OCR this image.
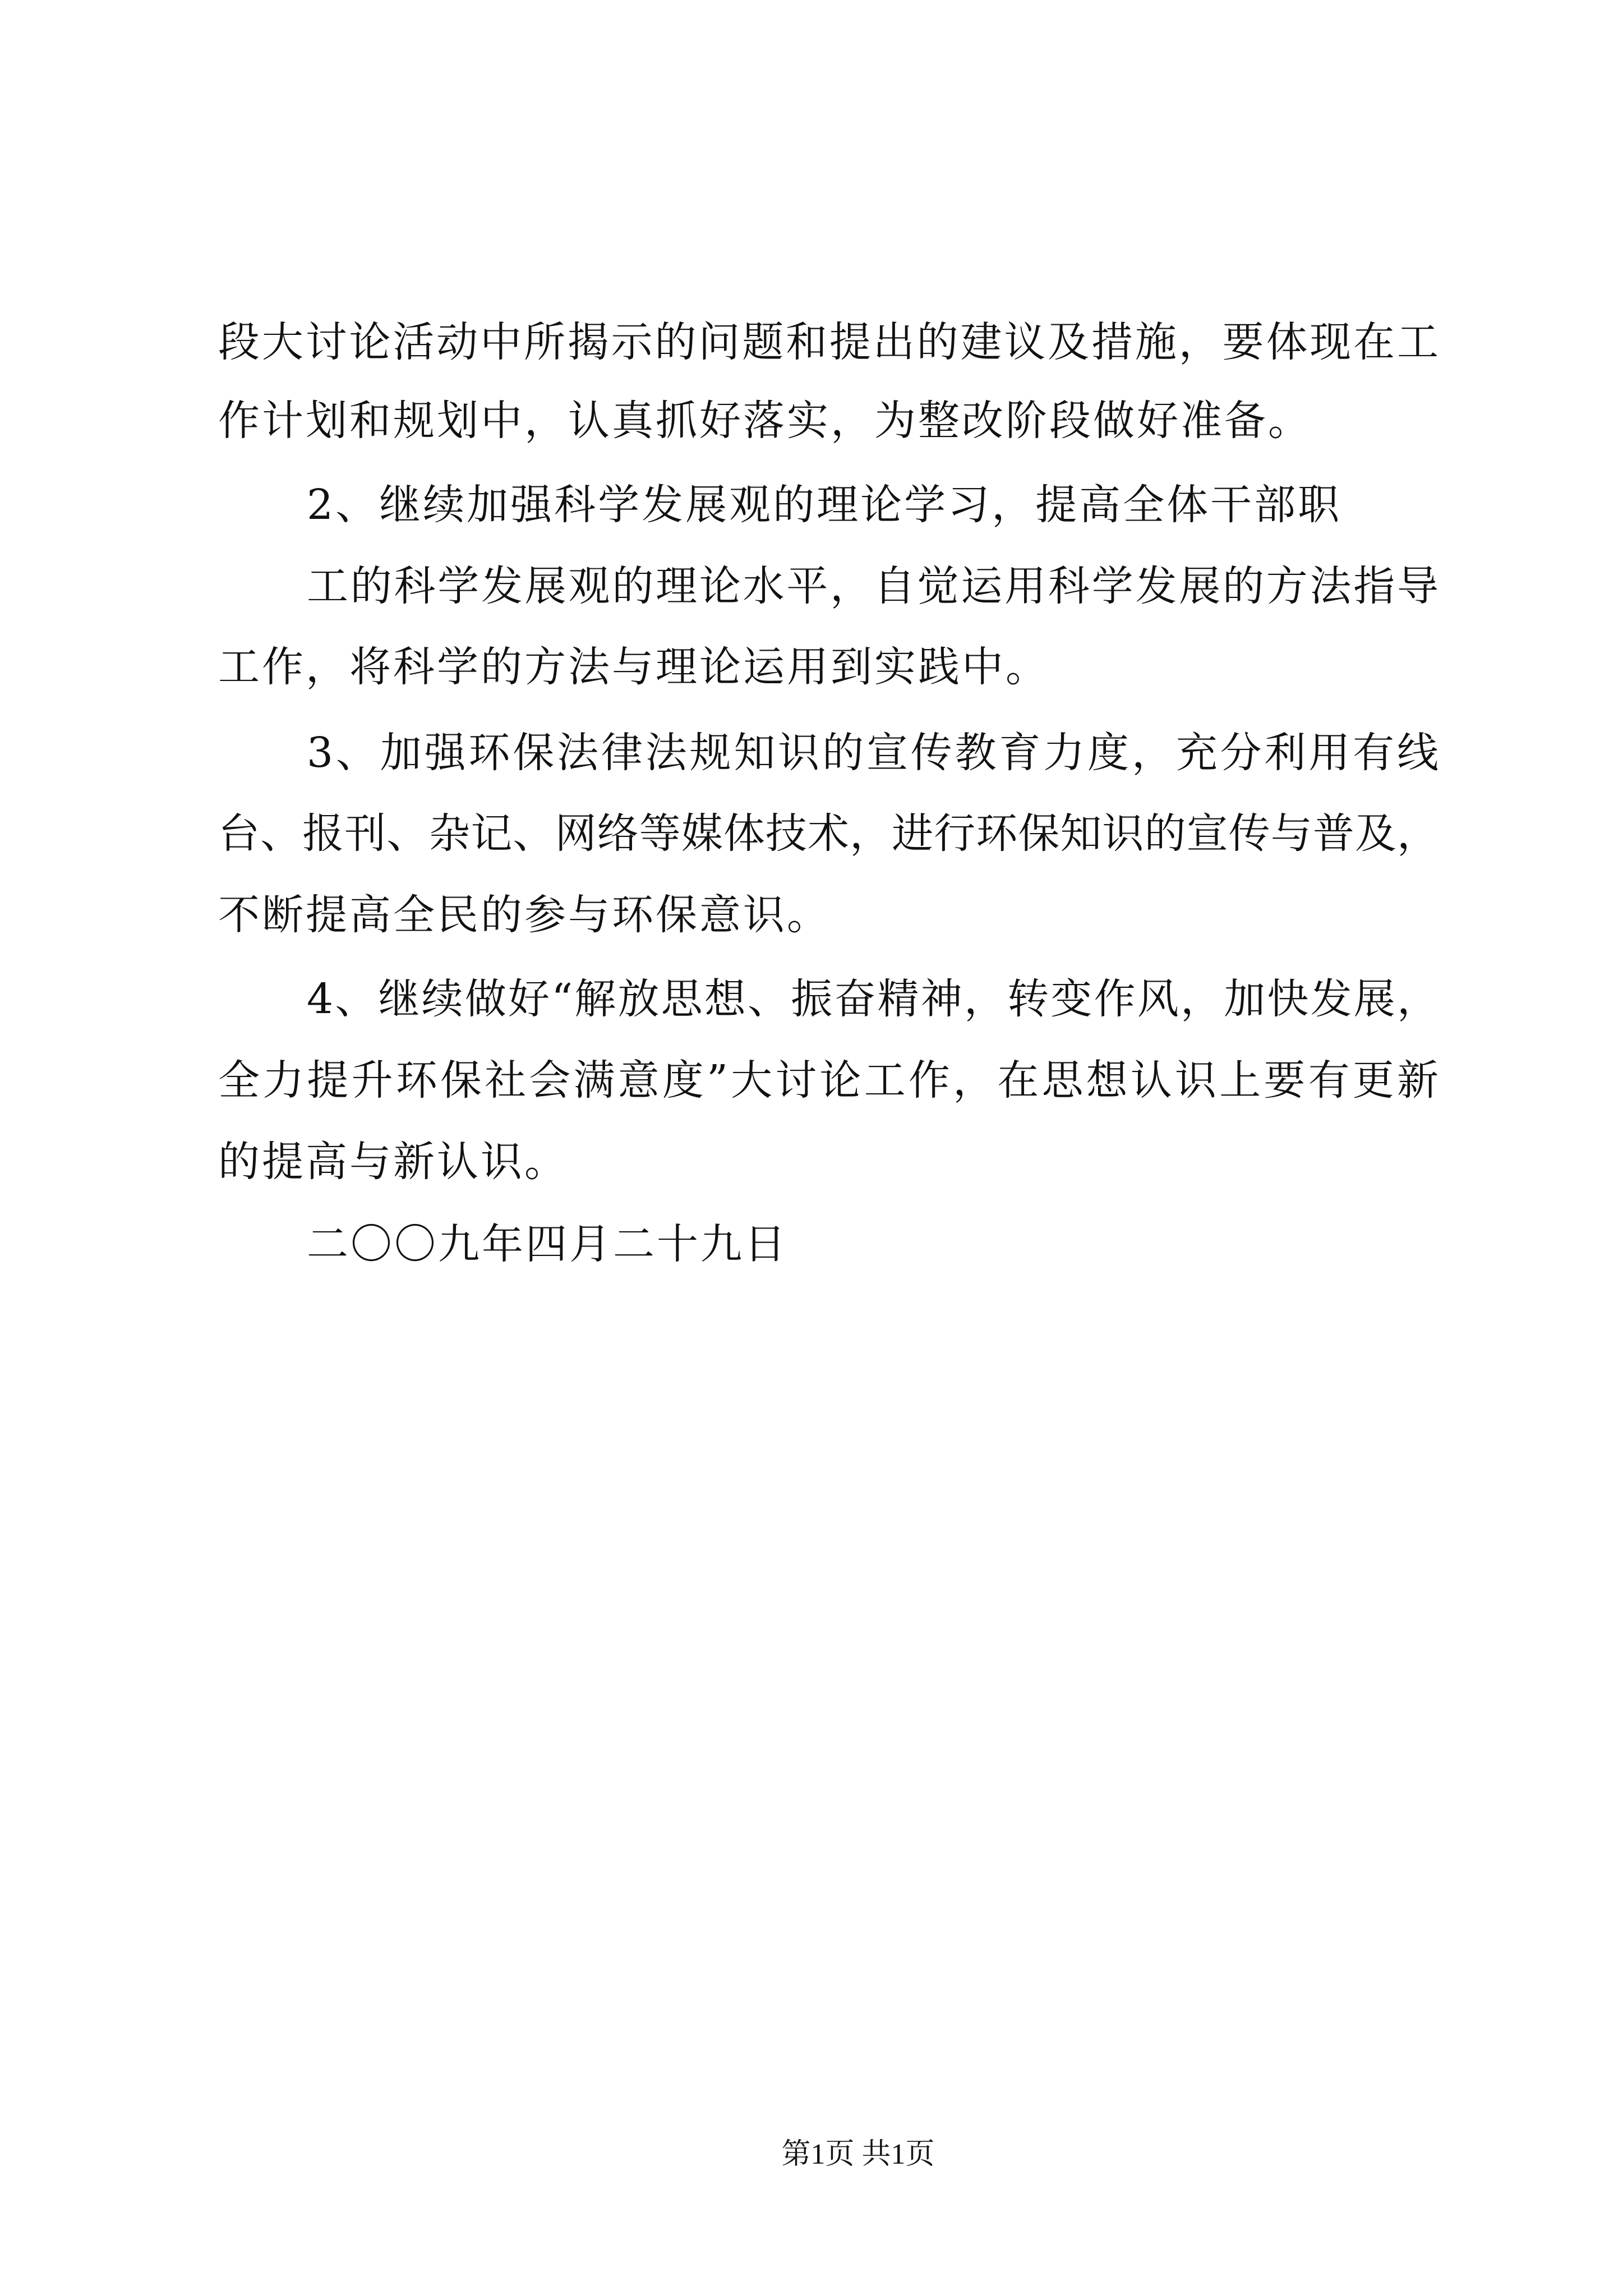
段大讨论活动中所揭示的问题和提出的建议及措施，要体现在工
作计划和规划中，认真抓好落实，为整改阶段做好准备。
2、继续加强科学发展观的理论学习，提高全体干部职
工的科学发展观的理论水平，自觉运用科学发展的方法指导
工作，将科学的方法与理论运用到实践中。
3、加强环保法律法规知识的宣传教育力度，充分利用有线
台、报刊、杂记、网络等媒体技术，进行环保知识的宣传与普及，
不断提高全民的参与环保意识。
4、继续做好“解放思想、振奋精神，转变作风，加快发展，
全力提升环保社会满意度”大讨论工作，在思想认识上要有更新
的提高与新认识。
二〇〇九年四月二十九日
第1页 共1页
